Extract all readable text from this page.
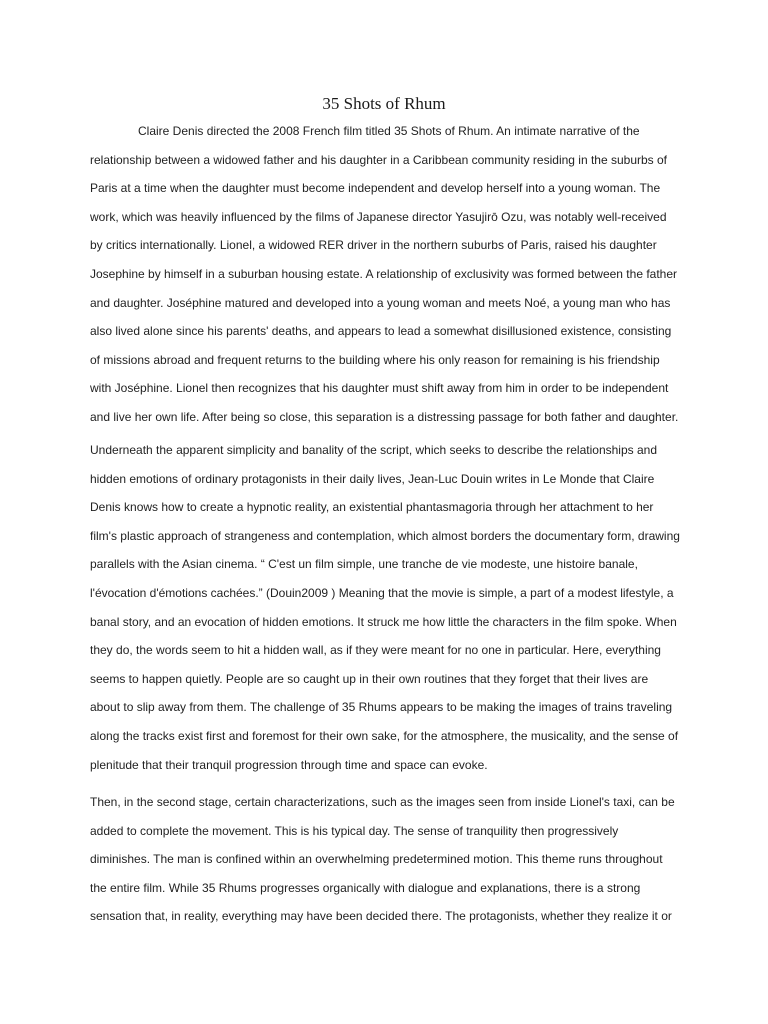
35 Shots of Rhum
Claire Denis directed the 2008 French film titled 35 Shots of Rhum. An intimate narrative of the
relationship between a widowed father and his daughter in a Caribbean community residing in the suburbs of
Paris at a time when the daughter must become independent and develop herself into a young woman. The
work, which was heavily influenced by the films of Japanese director Yasujirō Ozu, was notably well-received
by critics internationally. Lionel, a widowed RER driver in the northern suburbs of Paris, raised his daughter
Josephine by himself in a suburban housing estate. A relationship of exclusivity was formed between the father
and daughter. Joséphine matured and developed into a young woman and meets Noé, a young man who has
also lived alone since his parents' deaths, and appears to lead a somewhat disillusioned existence, consisting
of missions abroad and frequent returns to the building where his only reason for remaining is his friendship
with Joséphine. Lionel then recognizes that his daughter must shift away from him in order to be independent
and live her own life. After being so close, this separation is a distressing passage for both father and daughter.
Underneath the apparent simplicity and banality of the script, which seeks to describe the relationships and
hidden emotions of ordinary protagonists in their daily lives, Jean-Luc Douin writes in Le Monde that Claire
Denis knows how to create a hypnotic reality, an existential phantasmagoria through her attachment to her
film's plastic approach of strangeness and contemplation, which almost borders the documentary form, drawing
parallels with the Asian cinema. “ C'est un film simple, une tranche de vie modeste, une histoire banale,
l'évocation d'émotions cachées.” (Douin2009 ) Meaning that the movie is simple, a part of a modest lifestyle, a
banal story, and an evocation of hidden emotions. It struck me how little the characters in the film spoke. When
they do, the words seem to hit a hidden wall, as if they were meant for no one in particular. Here, everything
seems to happen quietly. People are so caught up in their own routines that they forget that their lives are
about to slip away from them. The challenge of 35 Rhums appears to be making the images of trains traveling
along the tracks exist first and foremost for their own sake, for the atmosphere, the musicality, and the sense of
plenitude that their tranquil progression through time and space can evoke.
Then, in the second stage, certain characterizations, such as the images seen from inside Lionel's taxi, can be
added to complete the movement. This is his typical day. The sense of tranquility then progressively
diminishes. The man is confined within an overwhelming predetermined motion. This theme runs throughout
the entire film. While 35 Rhums progresses organically with dialogue and explanations, there is a strong
sensation that, in reality, everything may have been decided there. The protagonists, whether they realize it or
